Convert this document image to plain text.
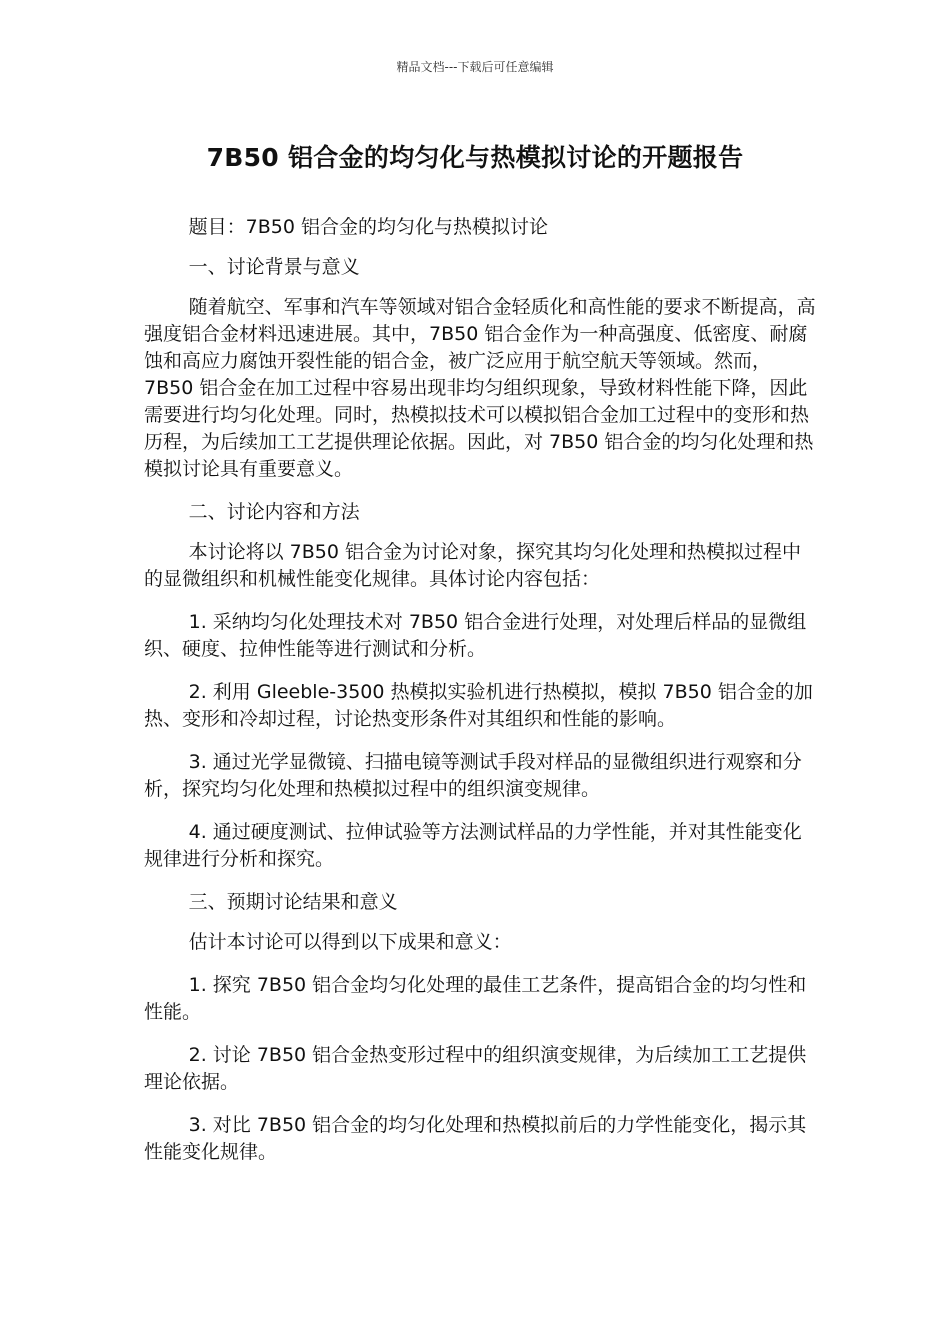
精品文档---下载后可任意编辑
7B50 铝合金的均匀化与热模拟讨论的开题报告

题目：7B50 铝合金的均匀化与热模拟讨论

一、讨论背景与意义

随着航空、军事和汽车等领域对铝合金轻质化和高性能的要求不断提高，高强度铝合金材料迅速进展。其中，7B50 铝合金作为一种高强度、低密度、耐腐蚀和高应力腐蚀开裂性能的铝合金，被广泛应用于航空航天等领域。然而，7B50 铝合金在加工过程中容易出现非均匀组织现象，导致材料性能下降，因此需要进行均匀化处理。同时，热模拟技术可以模拟铝合金加工过程中的变形和热历程，为后续加工工艺提供理论依据。因此，对 7B50 铝合金的均匀化处理和热模拟讨论具有重要意义。

二、讨论内容和方法

本讨论将以 7B50 铝合金为讨论对象，探究其均匀化处理和热模拟过程中的显微组织和机械性能变化规律。具体讨论内容包括：

1. 采纳均匀化处理技术对 7B50 铝合金进行处理，对处理后样品的显微组织、硬度、拉伸性能等进行测试和分析。

2. 利用 Gleeble-3500 热模拟实验机进行热模拟，模拟 7B50 铝合金的加热、变形和冷却过程，讨论热变形条件对其组织和性能的影响。

3. 通过光学显微镜、扫描电镜等测试手段对样品的显微组织进行观察和分析，探究均匀化处理和热模拟过程中的组织演变规律。

4. 通过硬度测试、拉伸试验等方法测试样品的力学性能，并对其性能变化规律进行分析和探究。

三、预期讨论结果和意义

估计本讨论可以得到以下成果和意义：

1. 探究 7B50 铝合金均匀化处理的最佳工艺条件，提高铝合金的均匀性和性能。

2. 讨论 7B50 铝合金热变形过程中的组织演变规律，为后续加工工艺提供理论依据。

3. 对比 7B50 铝合金的均匀化处理和热模拟前后的力学性能变化，揭示其性能变化规律。
